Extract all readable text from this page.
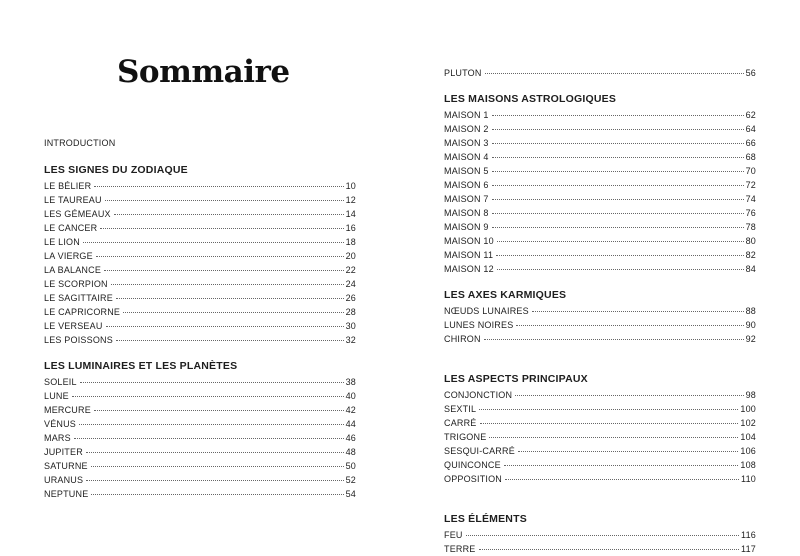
Sommaire
INTRODUCTION
LES SIGNES DU ZODIAQUE
LE BÉLIER	10
LE TAUREAU	12
LES GÉMEAUX	14
LE CANCER	16
LE LION	18
LA VIERGE	20
LA BALANCE	22
LE SCORPION	24
LE SAGITTAIRE	26
LE CAPRICORNE	28
LE VERSEAU	30
LES POISSONS	32
LES LUMINAIRES ET LES PLANÈTES
SOLEIL	38
LUNE	40
MERCURE	42
VÉNUS	44
MARS	46
JUPITER	48
SATURNE	50
URANUS	52
NEPTUNE	54
PLUTON	56
LES MAISONS ASTROLOGIQUES
MAISON 1	62
MAISON 2	64
MAISON 3	66
MAISON 4	68
MAISON 5	70
MAISON 6	72
MAISON 7	74
MAISON 8	76
MAISON 9	78
MAISON 10	80
MAISON 11	82
MAISON 12	84
LES AXES KARMIQUES
NŒUDS LUNAIRES	88
LUNES NOIRES	90
CHIRON	92
LES ASPECTS PRINCIPAUX
CONJONCTION	98
SEXTIL	100
CARRÉ	102
TRIGONE	104
SESQUI-CARRÉ	106
QUINCONCE	108
OPPOSITION	110
LES ÉLÉMENTS
FEU	116
TERRE	117
